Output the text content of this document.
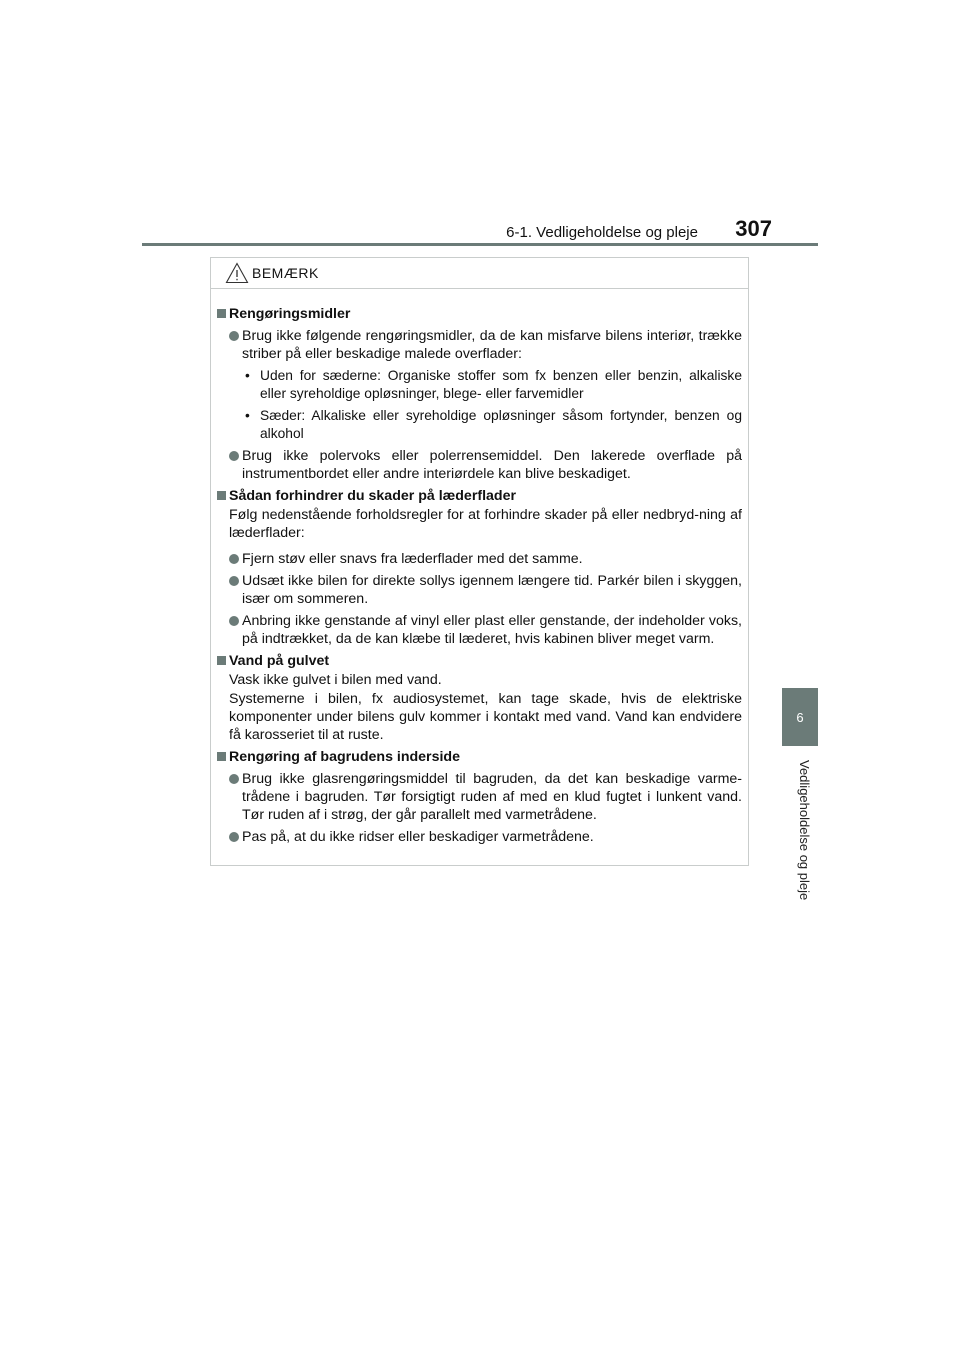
6-1. Vedligeholdelse og pleje 307
6
Vedligeholdelse og pleje
BEMÆRK
Rengøringsmidler
Brug ikke følgende rengøringsmidler, da de kan misfarve bilens interiør, trække striber på eller beskadige malede overflader:
• Uden for sæderne: Organiske stoffer som fx benzen eller benzin, alkaliske eller syreholdige opløsninger, blege- eller farvemidler
• Sæder: Alkaliske eller syreholdige opløsninger såsom fortynder, benzen og alkohol
Brug ikke polervoks eller polerrensemiddel. Den lakerede overflade på instrumentbordet eller andre interiørdele kan blive beskadiget.
Sådan forhindrer du skader på læderflader
Følg nedenstående forholdsregler for at forhindre skader på eller nedbryd-ning af læderflader:
Fjern støv eller snavs fra læderflader med det samme.
Udsæt ikke bilen for direkte sollys igennem længere tid. Parkér bilen i skyggen, især om sommeren.
Anbring ikke genstande af vinyl eller plast eller genstande, der indeholder voks, på indtrækket, da de kan klæbe til læderet, hvis kabinen bliver meget varm.
Vand på gulvet
Vask ikke gulvet i bilen med vand.
Systemerne i bilen, fx audiosystemet, kan tage skade, hvis de elektriske komponenter under bilens gulv kommer i kontakt med vand. Vand kan endvidere få karosseriet til at ruste.
Rengøring af bagrudens inderside
Brug ikke glasrengøringsmiddel til bagruden, da det kan beskadige varme-trådene i bagruden. Tør forsigtigt ruden af med en klud fugtet i lunkent vand. Tør ruden af i strøg, der går parallelt med varmetrådene.
Pas på, at du ikke ridser eller beskadiger varmetrådene.
